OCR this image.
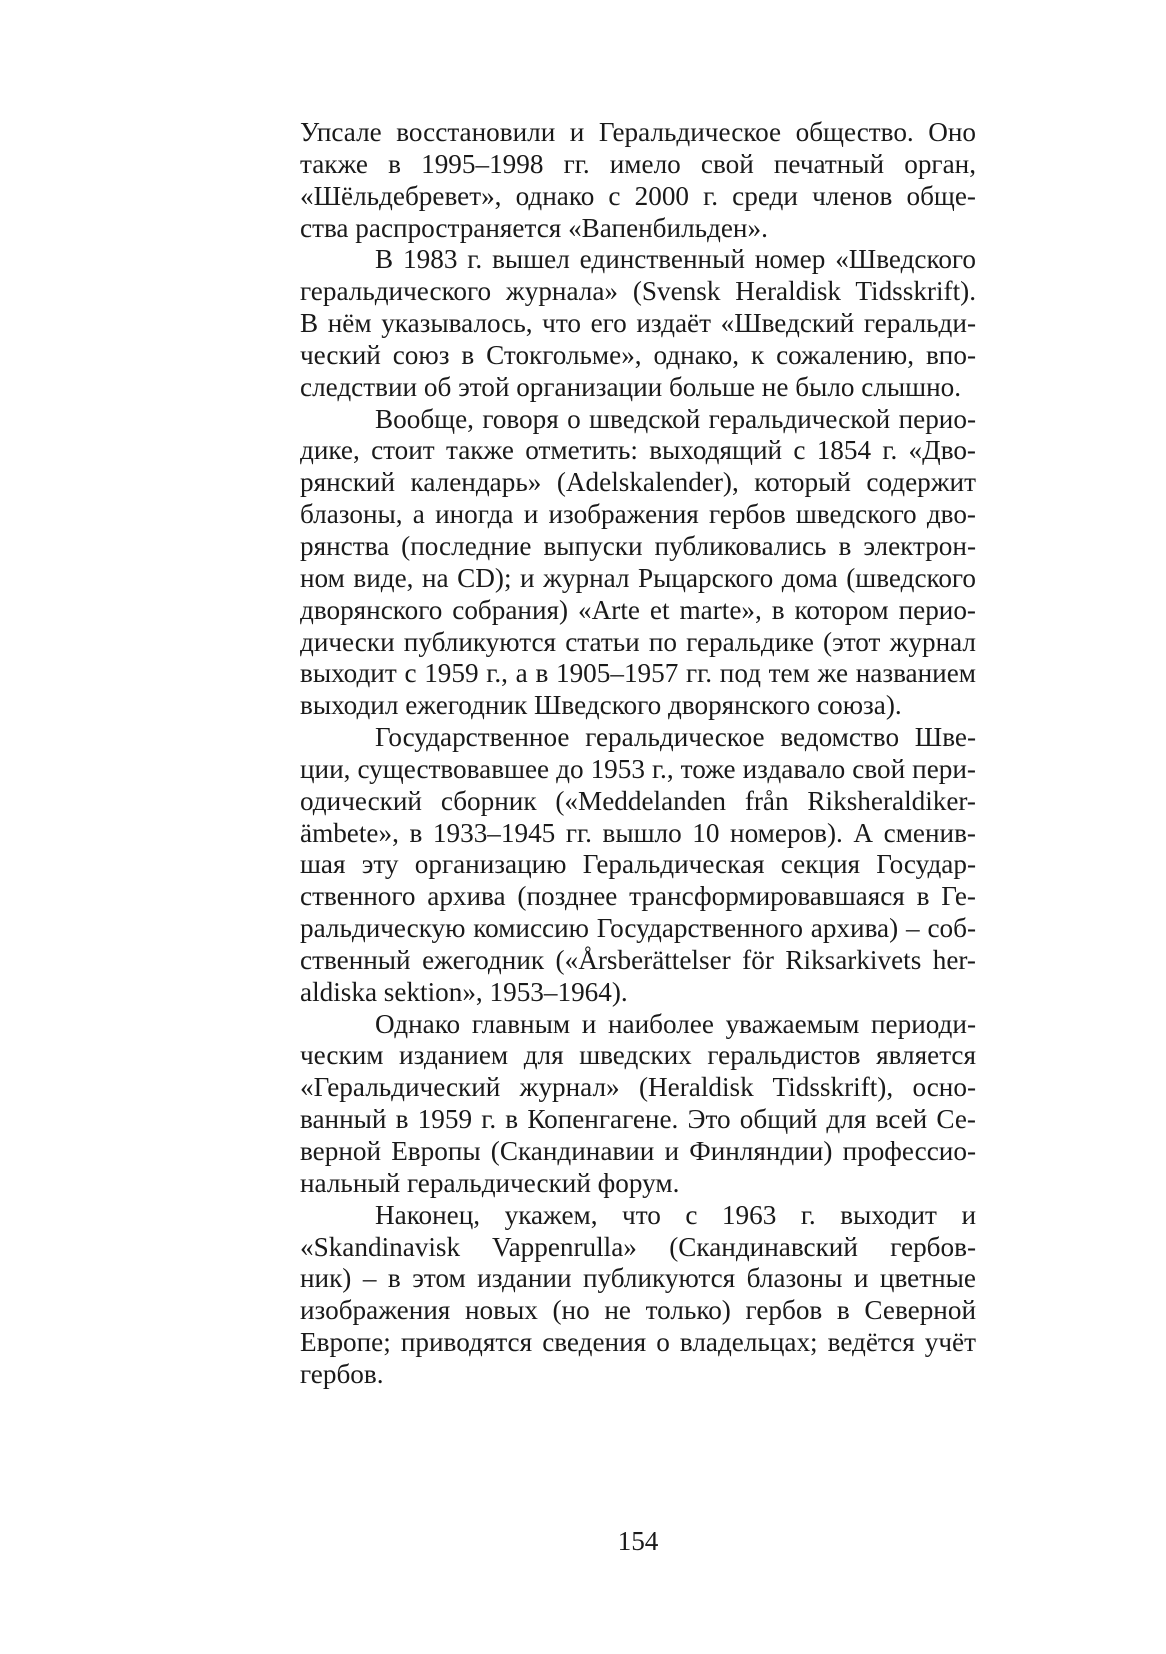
Упсале восстановили и Геральдическое общество. Оно
также в 1995–1998 гг. имело свой печатный орган,
«Шёльдебревет», однако с 2000 г. среди членов обще-
ства распространяется «Вапенбильден».
В 1983 г. вышел единственный номер «Шведского
геральдического журнала» (Svensk Heraldisk Tidsskrift).
В нём указывалось, что его издаёт «Шведский геральди-
ческий союз в Стокгольме», однако, к сожалению, впо-
следствии об этой организации больше не было слышно.
Вообще, говоря о шведской геральдической перио-
дике, стоит также отметить: выходящий с 1854 г. «Дво-
рянский календарь» (Adelskalender), который содержит
блазоны, а иногда и изображения гербов шведского дво-
рянства (последние выпуски публиковались в электрон-
ном виде, на CD); и журнал Рыцарского дома (шведского
дворянского собрания) «Arte et marte», в котором перио-
дически публикуются статьи по геральдике (этот журнал
выходит с 1959 г., а в 1905–1957 гг. под тем же названием
выходил ежегодник Шведского дворянского союза).
Государственное геральдическое ведомство Шве-
ции, существовавшее до 1953 г., тоже издавало свой пери-
одический сборник («Meddelanden från Riksheraldiker-
ämbete», в 1933–1945 гг. вышло 10 номеров). А сменив-
шая эту организацию Геральдическая секция Государ-
ственного архива (позднее трансформировавшаяся в Ге-
ральдическую комиссию Государственного архива) – соб-
ственный ежегодник («Årsberättelser för Riksarkivets her-
aldiska sektion», 1953–1964).
Однако главным и наиболее уважаемым периоди-
ческим изданием для шведских геральдистов является
«Геральдический журнал» (Heraldisk Tidsskrift), осно-
ванный в 1959 г. в Копенгагене. Это общий для всей Се-
верной Европы (Скандинавии и Финляндии) профессио-
нальный геральдический форум.
Наконец, укажем, что с 1963 г. выходит и
«Skandinavisk Vappenrulla» (Скандинавский гербов-
ник) – в этом издании публикуются блазоны и цветные
изображения новых (но не только) гербов в Северной
Европе; приводятся сведения о владельцах; ведётся учёт
гербов.
154
